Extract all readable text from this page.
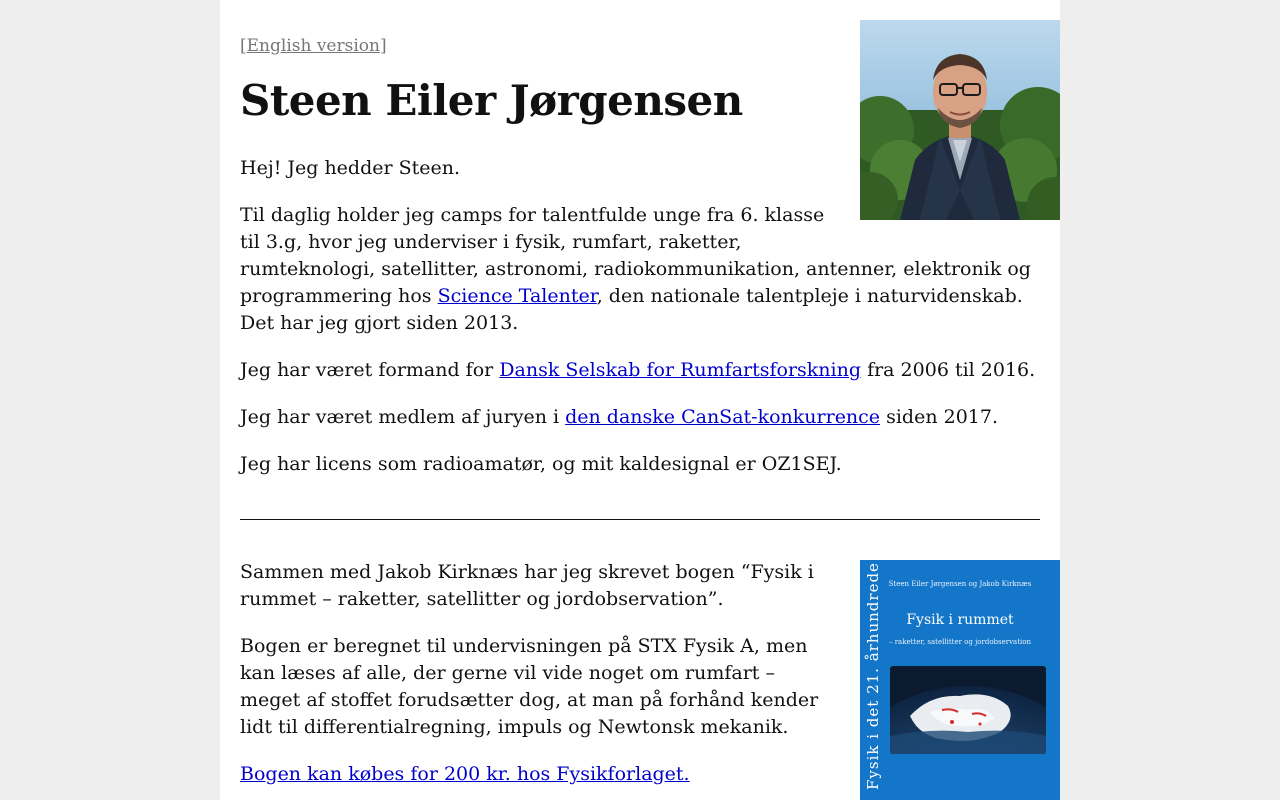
[English version]
Steen Eiler Jørgensen

Hej! Jeg hedder Steen.

Til daglig holder jeg camps for talentfulde unge fra 6. klasse
til 3.g, hvor jeg underviser i fysik, rumfart, raketter,
rumteknologi, satellitter, astronomi, radiokommunikation, antenner, elektronik og
programmering hos Science Talenter, den nationale talentpleje i naturvidenskab.
Det har jeg gjort siden 2013.
Jeg har været formand for Dansk Selskab for Rumfartsforskning fra 2006 til 2016.
Jeg har været medlem af juryen i den danske CanSat-konkurrence siden 2017.

Jeg har licens som radioamatør, og mit kaldesignal er OZ1SEJ.

Sammen med Jakob Kirknæs har jeg skrevet bogen “Fysik i
rummet – raketter, satellitter og jordobservation”.
Bogen er beregnet til undervisningen på STX Fysik A, men
kan læses af alle, der gerne vil vide noget om rumfart –
meget af stoffet forudsætter dog, at man på forhånd kender
lidt til differentialregning, impuls og Newtonsk mekanik.
Bogen kan købes for 200 kr. hos Fysikforlaget.	Fysik i det 21. århundrede Steen Eiler Jørgensen og Jakob Kirknæs
Fysik i rummet
– raketter, satellitter og jordobservation
